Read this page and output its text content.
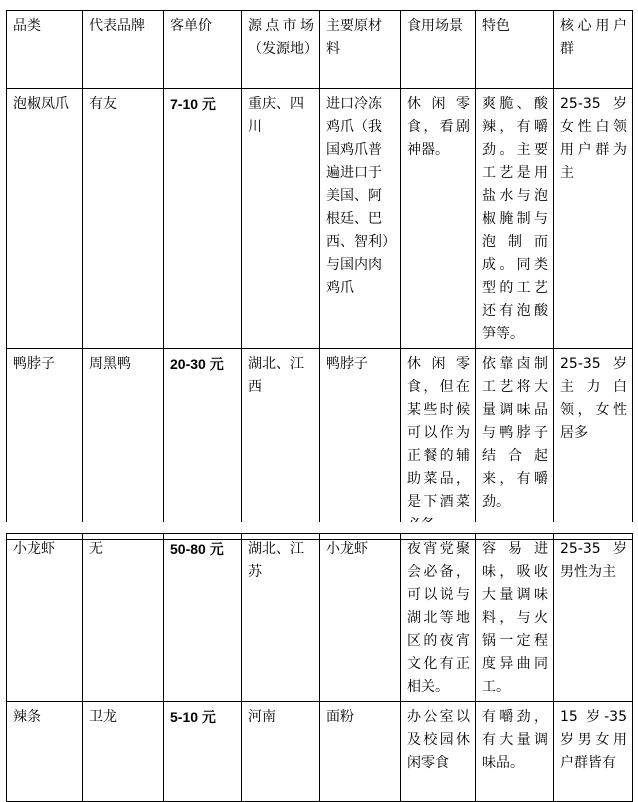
品类	代表品牌	客单价	源点市场（发源地）	主要原材料	食用场景	特色	核心用户群
泡椒凤爪	有友	7-10 元	重庆、四川	进口冷冻鸡爪（我国鸡爪普遍进口于美国、阿根廷、巴西、智利）与国内肉鸡爪	休闲零食，看剧神器。	爽脆、酸辣，有嚼劲。主要工艺是用盐水与泡椒腌制与泡制而成。同类型的工艺还有泡酸笋等。	25-35 岁女性白领用户群为主
鸭脖子	周黑鸭	20-30 元	湖北、江西	鸭脖子	休闲零食，但在某些时候可以作为正餐的辅助菜品，是下酒菜	依靠卤制工艺将大量调味品与鸭脖子结合起来，有嚼劲。	25-35 岁主力白领，女性居多
小龙虾	无	50-80 元	湖北、江苏	小龙虾	夜宵党聚会必备，可以说与湖北等地区的夜宵文化有正相关。	容易进味，吸收大量调味料，与火锅一定程度异曲同工。	25-35 岁男性为主
辣条	卫龙	5-10 元	河南	面粉	办公室以及校园休闲零食	有嚼劲，有大量调味品。	15 岁-35 岁男女用户群皆有
